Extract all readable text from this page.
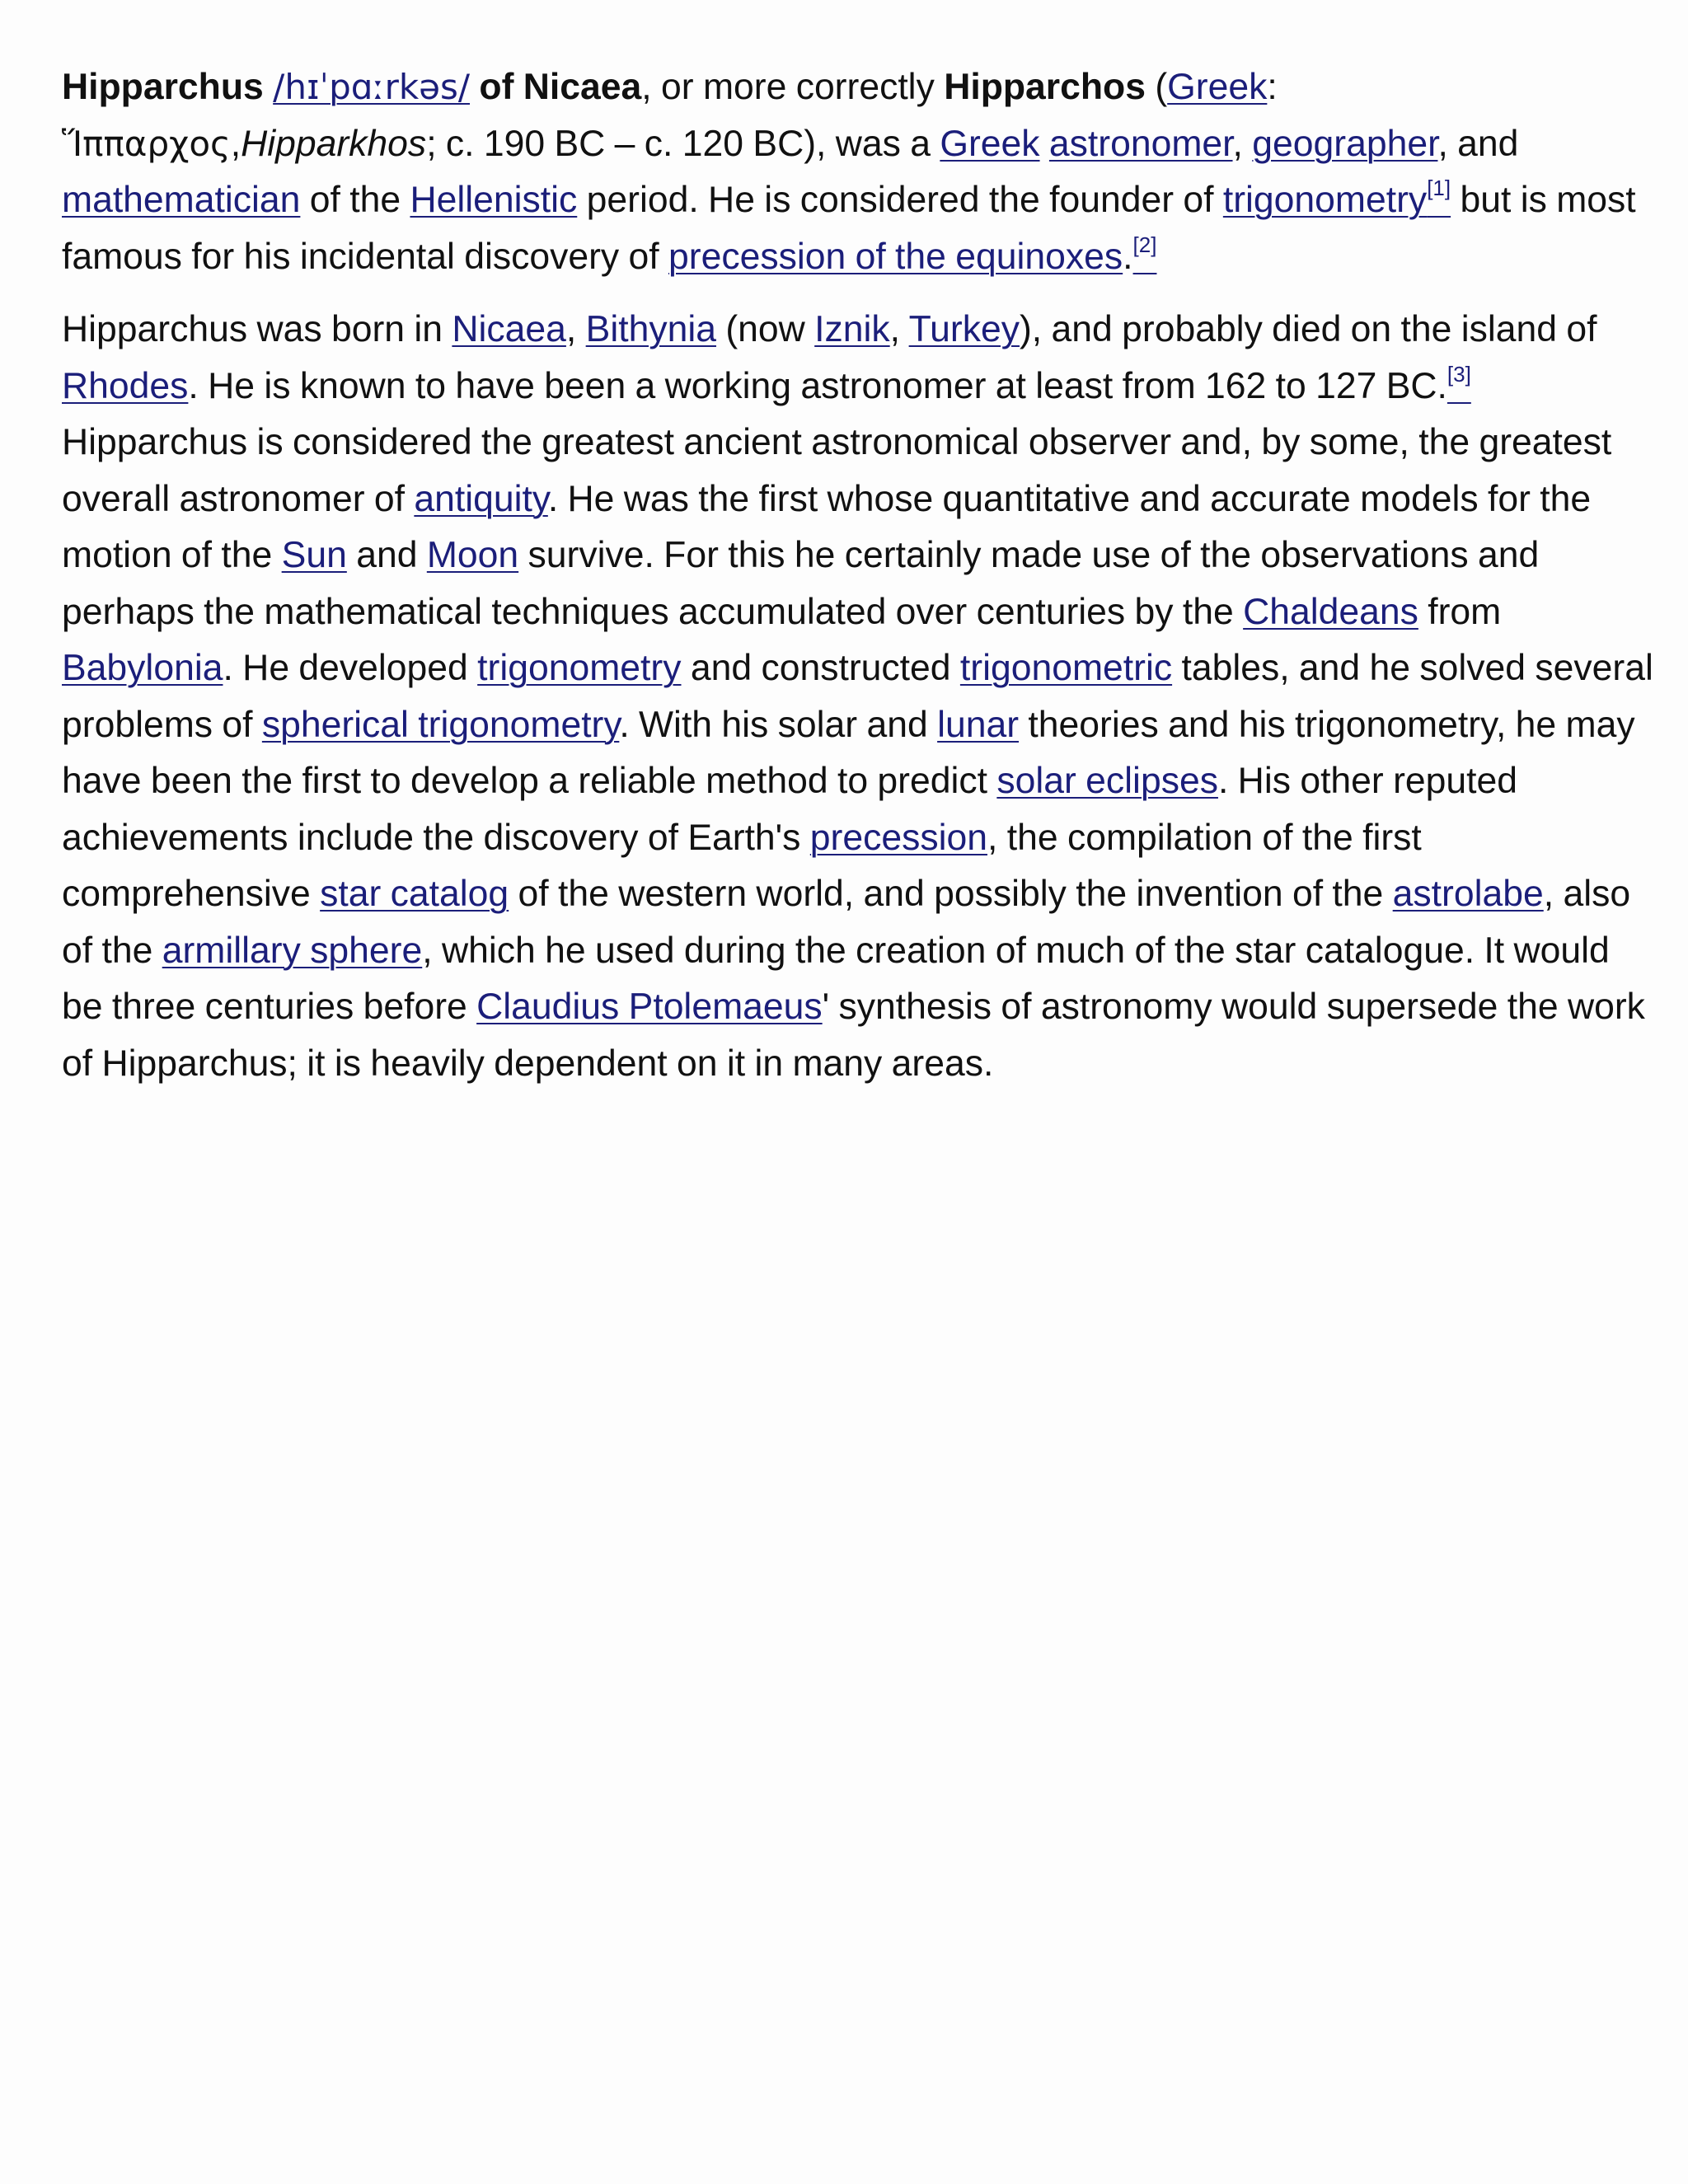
Hipparchus /hɪˈpɑːrkəs/ of Nicaea, or more correctly Hipparchos (Greek: Ἵππαρχος,Hipparkhos; c. 190 BC – c. 120 BC), was a Greek astronomer, geographer, and mathematician of the Hellenistic period. He is considered the founder of trigonometry[1] but is most famous for his incidental discovery of precession of the equinoxes.[2]

Hipparchus was born in Nicaea, Bithynia (now Iznik, Turkey), and probably died on the island of Rhodes. He is known to have been a working astronomer at least from 162 to 127 BC.[3] Hipparchus is considered the greatest ancient astronomical observer and, by some, the greatest overall astronomer of antiquity. He was the first whose quantitative and accurate models for the motion of the Sun and Moon survive. For this he certainly made use of the observations and perhaps the mathematical techniques accumulated over centuries by the Chaldeans from Babylonia. He developed trigonometry and constructed trigonometric tables, and he solved several problems of spherical trigonometry. With his solar and lunar theories and his trigonometry, he may have been the first to develop a reliable method to predict solar eclipses. His other reputed achievements include the discovery of Earth's precession, the compilation of the first comprehensive star catalog of the western world, and possibly the invention of the astrolabe, also of the armillary sphere, which he used during the creation of much of the star catalogue. It would be three centuries before Claudius Ptolemaeus' synthesis of astronomy would supersede the work of Hipparchus; it is heavily dependent on it in many areas.
